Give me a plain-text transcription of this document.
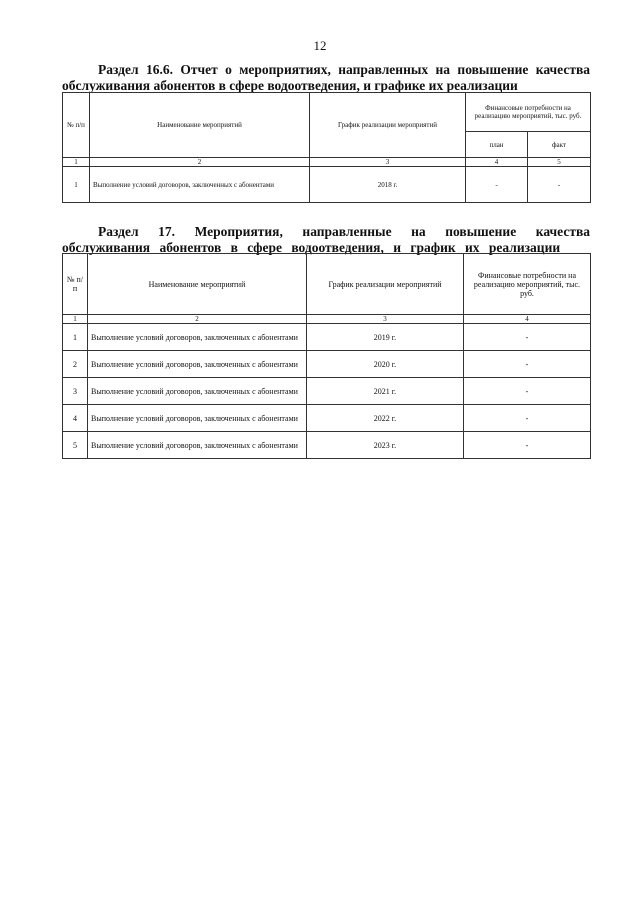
12
Раздел 16.6. Отчет о мероприятиях, направленных на повышение качества обслуживания абонентов в сфере водоотведения, и графике их реализации
№ п/п	Наименование мероприятий	График реализации мероприятий	Финансовые потребности на реализацию мероприятий, тыс. руб.	
			план	факт
1	2	3	4	5
1	Выполнение условий договоров, заключенных с абонентами	2018 г.	-	-
Раздел 17. Мероприятия, направленные на повышение качества обслуживания абонентов в сфере водоотведения, и график их реализации
№ п/п	Наименование мероприятий	График реализации мероприятий	Финансовые потребности на реализацию мероприятий, тыс. руб.
1	2	3	4
1	Выполнение условий договоров, заключенных с абонентами	2019 г.	-
2	Выполнение условий договоров, заключенных с абонентами	2020 г.	-
3	Выполнение условий договоров, заключенных с абонентами	2021 г.	-
4	Выполнение условий договоров, заключенных с абонентами	2022 г.	-
5	Выполнение условий договоров, заключенных с абонентами	2023 г.	-
